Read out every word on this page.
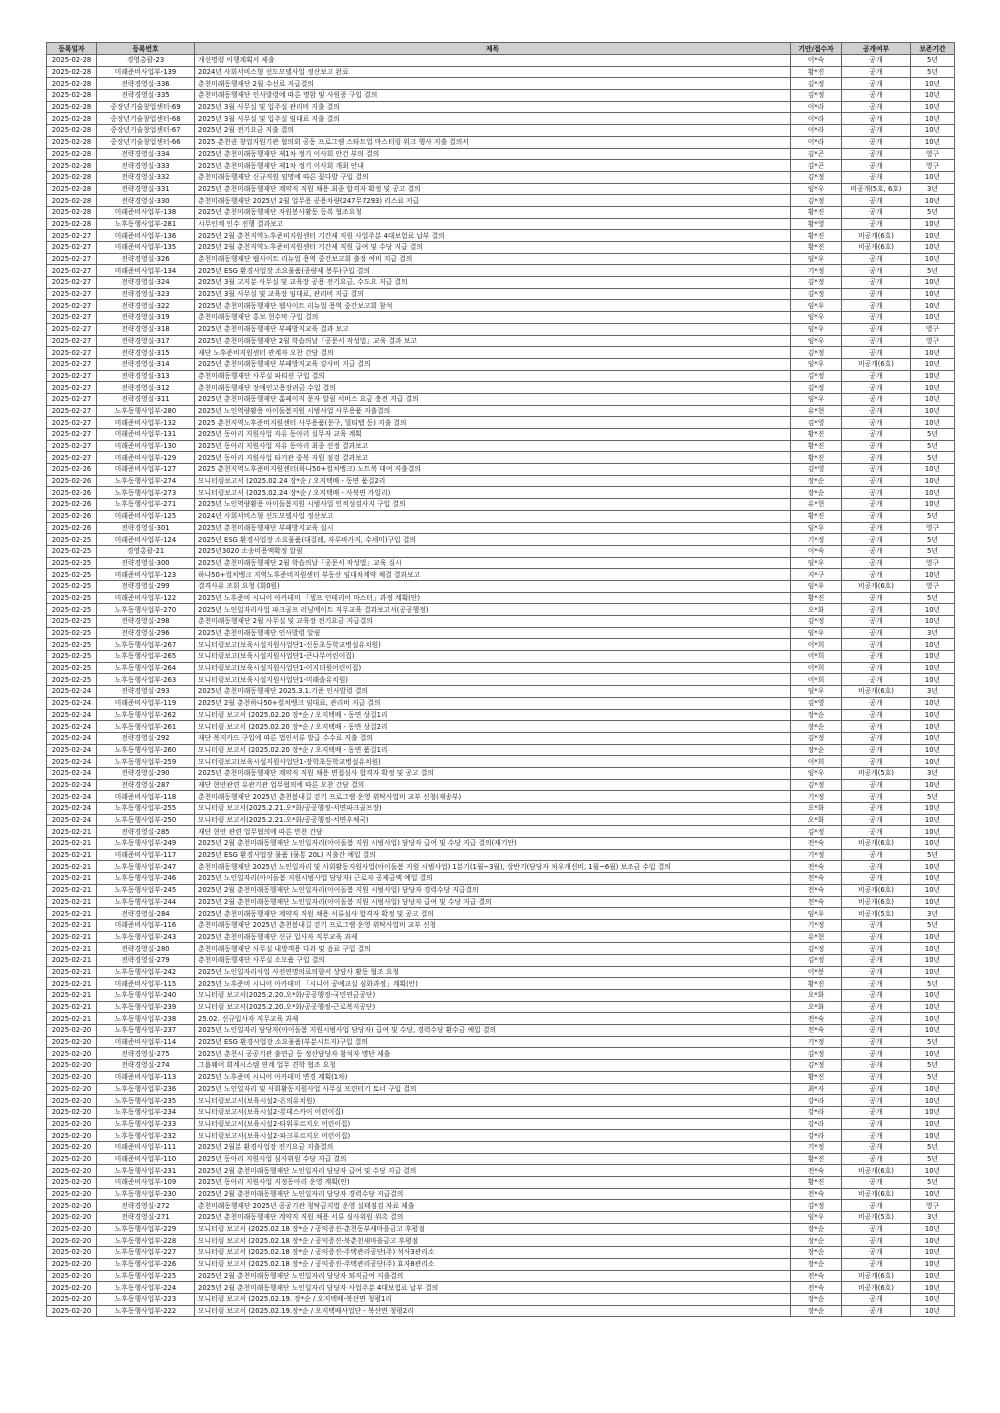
등록일자	등록번호	제목	기안/접수자	공개여부	보존기간
2025-02-28	경영총괄-23	개선명령 이행계획서 제출	이*숙	공개	5년
2025-02-28	미래준비사업부-139	2024년 사회서비스형 선도모델사업 정산보고 완료	황*진	공개	5년
2025-02-28	전략경영실-336	춘천미래동행재단 2월 수선료 지급결의	김*정	공개	10년
2025-02-28	전략경영실-335	춘천미래동행재단 인사발령에 따른 명함 및 사원증 구입 결의	김*정	공개	10년
2025-02-28	중장년기술창업센터-69	2025년 3월 사무실 및 입주실 관리비 지출 결의	이*라	공개	10년
2025-02-28	중장년기술창업센터-68	2025년 3월 사무실 및 입주실 임대료 지출 결의	이*라	공개	10년
2025-02-28	중장년기술창업센터-67	2025년 2월 전기요금 지출 결의	이*라	공개	10년
2025-02-28	중장년기술창업센터-66	2025 춘천권 창업지원기관 협의회 공동 프로그램 스타트업 마스터링 위크 행사 지출 결의서	이*라	공개	10년
2025-02-28	전략경영실-334	2025년 춘천미래동행재단 제1차 정기 이사회 안건 부의 결의	김*곤	공개	영구
2025-02-28	전략경영실-333	2025년 춘천미래동행재단 제1차 정기 이사회 개최 안내	김*곤	공개	영구
2025-02-28	전략경영실-332	춘천미래동행재단 신규직원 임명에 따른 꽃다발 구입 결의	김*정	공개	10년
2025-02-28	전략경영실-331	2025년 춘천미래동행재단 계약직 직원 채용 최종 합격자 확정 및 공고 결의	임*우	비공개(5호, 6호)	3년
2025-02-28	전략경영실-330	춘천미래동행재단 2025년 2월 업무용 공용차량(247무7293) 리스료 지급	김*정	공개	10년
2025-02-28	미래준비사업부-138	2025년 춘천미래동행재단 자원봉사활동 등록 협조요청	황*진	공개	5년
2025-02-28	노후동행사업부-281	시무인계 인수 진행 결과보고	황*영	공개	10년
2025-02-27	미래준비사업부-136	2025년 2월 춘천지역노후준비지원센터 기간제 직원 사업주분 4대보험료 납부 결의	황*진	비공개(6호)	10년
2025-02-27	미래준비사업부-135	2025년 2월 춘천지역노후준비지원센터 기간제 직원 급여 및 수당 지급 결의	황*진	비공개(6호)	10년
2025-02-27	전략경영실-326	춘천미래동행재단 웹사이트 리뉴얼 용역 중간보고회 출장 여비 지급 결의	임*우	공개	10년
2025-02-27	미래준비사업부-134	2025년 ESG 환경사업장 소요물품(종량제 봉투)구입 결의	기*정	공개	5년
2025-02-27	전략경영실-324	2025년 3월 고지분 사무실 및 교육장 공용 전기요금, 수도요 지급 결의	김*정	공개	10년
2025-02-27	전략경영실-323	2025년 3월 사무실 및 교육장 임대료, 관리비 지급 결의	김*정	공개	10년
2025-02-27	전략경영실-322	2025년 춘천미래동행재단 웹사이트 리뉴얼 용역 중간보고회 참석	임*우	공개	10년
2025-02-27	전략경영실-319	춘천미래동행재단 홍보 현수막 구입 결의	임*우	공개	10년
2025-02-27	전략경영실-318	2025년 춘천미래동행재단 부패방지교육 결과 보고	임*우	공개	영구
2025-02-27	전략경영실-317	2025년 춘천미래동행재단 2월 학습의날「공문서 작성법」교육 결과 보고	임*우	공개	영구
2025-02-27	전략경영실-315	재단 노후준비지원센터 관계자 오찬 간담 결의	김*정	공개	10년
2025-02-27	전략경영실-314	2025년 춘천미래동행재단 부패방지교육 강사비 지급 결의	임*우	비공개(6호)	10년
2025-02-27	전략경영실-313	춘천미래동행재단 사무실 파티션 구입 결의	김*정	공개	10년
2025-02-27	전략경영실-312	춘천미래동행재단 장애인고용장려금 수입 결의	김*정	공개	10년
2025-02-27	전략경영실-311	2025년 춘천미래동행재단 홈페이지 문자 알림 서비스 요금 충전 지급 결의	임*우	공개	10년
2025-02-27	노후동행사업부-280	2025년 노인역량활용 아이돌봄지원 시범사업 사무용품 지출결의	유*현	공개	10년
2025-02-27	미래준비사업부-132	2025 춘천지역노후준비지원센터 사무용품(문구, 멀티탭 등) 지출 결의	김*영	공개	10년
2025-02-27	미래준비사업부-131	2025년 동아리 지원사업 자유 동아리 실무자 교육 계획	황*진	공개	5년
2025-02-27	미래준비사업부-130	2025년 동아리 지원사업 자유 동아리 최종 선정 결과보고	황*진	공개	5년
2025-02-27	미래준비사업부-129	2025년 동아리 지원사업 타기관 중복 지원 점검 결과보고	황*진	공개	5년
2025-02-26	미래준비사업부-127	2025 춘천지역노후준비지원센터(하나50+컬처뱅크) 노트북 대여 지출결의	김*영	공개	10년
2025-02-26	노후동행사업부-274	모니터링보고서 (2025.02.24 장*순 / 오지택배 - 동면 품걸2리	장*순	공개	10년
2025-02-26	노후동행사업부-273	모니터링보고서 (2025.02.24 장*순 / 오지택배 - 사북면 가일리)	장*순	공개	10년
2025-02-26	노후동행사업부-271	2025년 노인역량활용 아이돌봄지원 시범사업 인적성검사지 구입 결의	유*현	공개	10년
2025-02-26	미래준비사업부-125	2024년 사회서비스형 선도모델사업 정산보고	황*진	공개	5년
2025-02-26	전략경영실-301	2025년 춘천미래동행재단 부패방지교육 실시	임*우	공개	영구
2025-02-25	미래준비사업부-124	2025년 ESG 환경사업장 소요물품(대걸레, 자루바가지, 수세미)구입 결의	기*정	공개	5년
2025-02-25	경영총괄-21	2025년3020 소송비용액확정 알림	이*숙	공개	5년
2025-02-25	전략경영실-300	2025년 춘천미래동행재단 2월 학습의날「공문서 작성법」교육 실시	임*우	공개	영구
2025-02-25	미래준비사업부-123	하나50+컬처뱅크 지역노후준비지원센터 부동산 임대차계약 체결 결과보고	지*구	공개	10년
2025-02-25	전략경영실-299	결격사유 조회 요청 (회0원)	임*우	비공개(6호)	영구
2025-02-25	미래준비사업부-122	2025년 노후준비 시니어 아카데미 「셀프 인테리어 마스터」과정 계획(안)	황*진	공개	5년
2025-02-25	노후동행사업부-270	2025년 노인일자리사업 파크골프 러닝메이트 직무교육 결과보고서(공공행정)	오*화	공개	10년
2025-02-25	전략경영실-298	춘천미래동행재단 2월 사무실 및 교육장 전기요금 지급결의	김*정	공개	10년
2025-02-25	전략경영실-296	2025년 춘천미래동행재단 인사발령 알림	임*우	공개	3년
2025-02-25	노후동행사업부-267	모니터링보고(보육시설지원사업단1-신동초등학교병설유치원)	이*희	공개	10년
2025-02-25	노후동행사업부-265	모니터링보고(보육시설지원사업단1-큰나무어린이집)	이*희	공개	10년
2025-02-25	노후동행사업부-264	모니터링보고(보육시설지원사업단1-이지더원어린이집)	이*희	공개	10년
2025-02-25	노후동행사업부-263	모니터링보고(보육시설지원사업단1-미래솔유치원)	이*희	공개	10년
2025-02-24	전략경영실-293	2025년 춘천미래동행재단 2025.3.1.기준 인사발령 결의	임*우	비공개(6호)	3년
2025-02-24	미래준비사업부-119	2025년 2월 춘천하나50+컬처뱅크 임대료, 관리비 지급 결의	김*영	공개	10년
2025-02-24	노후동행사업부-262	모니터링 보고서 (2025.02.20 장*순 / 오지택배 - 동면 상걸1리	장*순	공개	10년
2025-02-24	노후동행사업부-261	모니터링 보고서 (2025.02.20 장*순 / 오지택배 - 동면 상걸2리	장*순	공개	10년
2025-02-24	전략경영실-292	재단 복지카드 구입에 따른 법인서류 발급 수수료 지출 결의	김*정	공개	10년
2025-02-24	노후동행사업부-260	모니터링 보고서 (2025.02.20 장*순 / 오지택배 - 동면 품걸1리	장*순	공개	10년
2025-02-24	노후동행사업부-259	모니터링보고(보육시설지원사업단1-장학초등학교병설유치원)	이*희	공개	10년
2025-02-24	전략경영실-290	2025년 춘천미래동행재단 계약직 직원 채용 면접심사 합격자 확정 및 공고 결의	임*우	비공개(5호)	3년
2025-02-24	전략경영실-287	재단 현안관련 유관기관 업무협의에 따른 오찬 간담 결의	김*정	공개	10년
2025-02-24	미래준비사업부-118	춘천미래동행재단 2025년 춘천봄내길 걷기 프로그램 운영 위탁사업비 교부 신청(재송부)	기*정	공개	5년
2025-02-24	노후동행사업부-255	모니터링 보고서(2025.2.21.오*화/공공행정-서면파크골프장)	오*화	공개	10년
2025-02-24	노후동행사업부-250	모니터링 보고서(2025.2.21.오*화/공공행정-서면우체국)	오*화	공개	10년
2025-02-21	전략경영실-285	재단 현안 관련 업무협의에 따른 만찬 간담	김*정	공개	10년
2025-02-21	노후동행사업부-249	2025년 2월 춘천미래동행재단 노인일자리(아이돌봄 지원 시범사업) 담당자 급여 및 수당 지급 결의(재기안)	전*숙	비공개(6호)	10년
2025-02-21	미래준비사업부-117	2025년 ESG 환경사업장 물품 (물통 20L) 지출간 예입 결의	기*정	공개	5년
2025-02-21	노후동행사업부-247	춘천미래동행재단 2025년 노인일자리 및 사회활동지원사업(아이돌봄 지원 시범사업) 1분기(1월~3월), 상반기(담당자 처우개선비, 1월~6월) 보조금 수입 결의	전*숙	공개	10년
2025-02-21	노후동행사업부-246	2025년 노인일자리(아이돌봄 지원시범사업 담당자) 근로자 공제금액 예입 결의	전*숙	공개	10년
2025-02-21	노후동행사업부-245	2025년 2월 춘천미래동행재단 노인일자리(아이돌봄 지원 시범사업) 담당자 경력수당 지급결의	전*숙	비공개(6호)	10년
2025-02-21	노후동행사업부-244	2025년 2월 춘천미래동행재단 노인일자리(아이돌봄 지원 시범사업) 담당자 급여 및 수당 지급 결의	전*숙	비공개(6호)	10년
2025-02-21	전략경영실-284	2025년 춘천미래동행재단 계약직 직원 채용 서류심사 합격자 확정 및 공고 결의	임*우	비공개(5호)	3년
2025-02-21	미래준비사업부-116	춘천미래동행재단 2025년 춘천봄내길 걷기 프로그램 운영 위탁사업비 교부 신청	기*정	공개	5년
2025-02-21	노후동행사업부-243	2025년 춘천미래동행재단 신규 입사자 직무교육 과제	유*현	공개	10년
2025-02-21	전략경영실-280	춘천미래동행재단 사무실 내방객용 다과 및 음료 구입 결의	김*정	공개	10년
2025-02-21	전략경영실-279	춘천미래동행재단 사무실 소모품 구입 결의	김*정	공개	10년
2025-02-21	노후동행사업부-242	2025년 노인일자리사업 사전연명의료의향서 상담사 활동 협조 요청	이*봉	공개	10년
2025-02-21	미래준비사업부-115	2025년 노후준비 시니어 아카데미 「시니어 공예교실 심화과정」계획(안)	황*진	공개	5년
2025-02-21	노후동행사업부-240	모니터링 보고서(2025.2.20.오*화/공공행정-국민연금공단)	오*화	공개	10년
2025-02-21	노후동행사업부-239	모니터링 보고서(2025.2.20.오*화/공공행정-근로복지공단)	오*화	공개	10년
2025-02-21	노후동행사업부-238	25.02. 신규입사자 직무교육 과제	전*숙	공개	10년
2025-02-20	노후동행사업부-237	2025년 노인일자리 담당자(아이돌봄 지원시범사업 담당자) 급여 및 수당, 경력수당 환수금 예입 결의	전*숙	공개	10년
2025-02-20	미래준비사업부-114	2025년 ESG 환경사업장 소요물품(부분시트지)구입 결의	기*정	공개	5년
2025-02-20	전략경영실-275	2025년 춘천시 공공기관 출연금 등 정산담당자 참석자 명단 제출	김*정	공개	10년
2025-02-20	전략경영실-274	그룹웨어 회계시스템 연계 업무 견학 협조 요청	김*정	공개	5년
2025-02-20	미래준비사업부-113	2025년 노후준비 시니어 아카데미 변경 계획(1차)	황*진	공개	5년
2025-02-20	노후동행사업부-236	2025년 노인일자리 및 사회활동지원사업 사무실 프린터기 토너 구입 결의	최*자	공개	10년
2025-02-20	노후동행사업부-235	모니터링보고서(보육시설2-온의유치원)	강*라	공개	10년
2025-02-20	노후동행사업부-234	모니터링보고서(보육시설2-롯데스카이 어린이집)	강*라	공개	10년
2025-02-20	노후동행사업부-233	모니터링보고서(보육시설2-타워푸르지오 어린이집)	강*라	공개	10년
2025-02-20	노후동행사업부-232	모니터링보고서(보육시설2-파크푸르지오 어린이집)	강*라	공개	10년
2025-02-20	미래준비사업부-111	2025년 2월분 환경사업장 전기요금 지출결의	기*정	공개	5년
2025-02-20	미래준비사업부-110	2025년 동아리 지원사업 심사위원 수당 지급 결의	황*진	공개	5년
2025-02-20	노후동행사업부-231	2025년 2월 춘천미래동행재단 노인일자리 담당자 급여 및 수당 지급 결의	전*숙	비공개(6호)	10년
2025-02-20	미래준비사업부-109	2025년 동아리 지원사업 지정동아리 운영 계획(안)	황*진	공개	5년
2025-02-20	노후동행사업부-230	2025년 2월 춘천미래동행재단 노인일자리 담당자 경력수당 지급결의	전*숙	비공개(6호)	10년
2025-02-20	전략경영실-272	춘천미래동행재단 2025년 공공기관 청탁금지법 운영 실태점검 자료 제출	김*정	공개	영구
2025-02-20	전략경영실-271	2025년 춘천미래동행재단 계약직 직원 채용 서류 심사위원 위촉 결의	임*우	비공개(5호)	3년
2025-02-20	노후동행사업부-229	모니터링 보고서 (2025.02.18 장*순 / 공익증진-춘천동부새마을금고 후평점	장*순	공개	10년
2025-02-20	노후동행사업부-228	모니터링 보고서 (2025.02.18 장*순 / 공익증진-북춘천새마을금고 후평점	장*순	공개	10년
2025-02-20	노후동행사업부-227	모니터링 보고서 (2025.02.18 장*순 / 공익증진-주택관리공단(주) 석사3관리소	장*순	공개	10년
2025-02-20	노후동행사업부-226	모니터링 보고서 (2025.02.18 장*순 / 공익증진-주택관리공단(주) 효자8관리소	장*순	공개	10년
2025-02-20	노후동행사업부-225	2025년 2월 춘천미래동행재단 노인일자리 담당자 퇴직금여 지출결의	전*숙	비공개(6호)	10년
2025-02-20	노후동행사업부-224	2025년 2월 춘천미래동행재단 노인일자리 담당자 사업주분 4대보험료 납부 결의	전*숙	비공개(6호)	10년
2025-02-20	노후동행사업부-223	모니터링 보고서 (2025.02.19. 장*순 / 오지택배-북산면 청평1리	장*순	공개	10년
2025-02-20	노후동행사업부-222	모니터링 보고서 (2025.02.19.장*순 / 오지택배사업단 - 북산면 청평2리	장*순	공개	10년
